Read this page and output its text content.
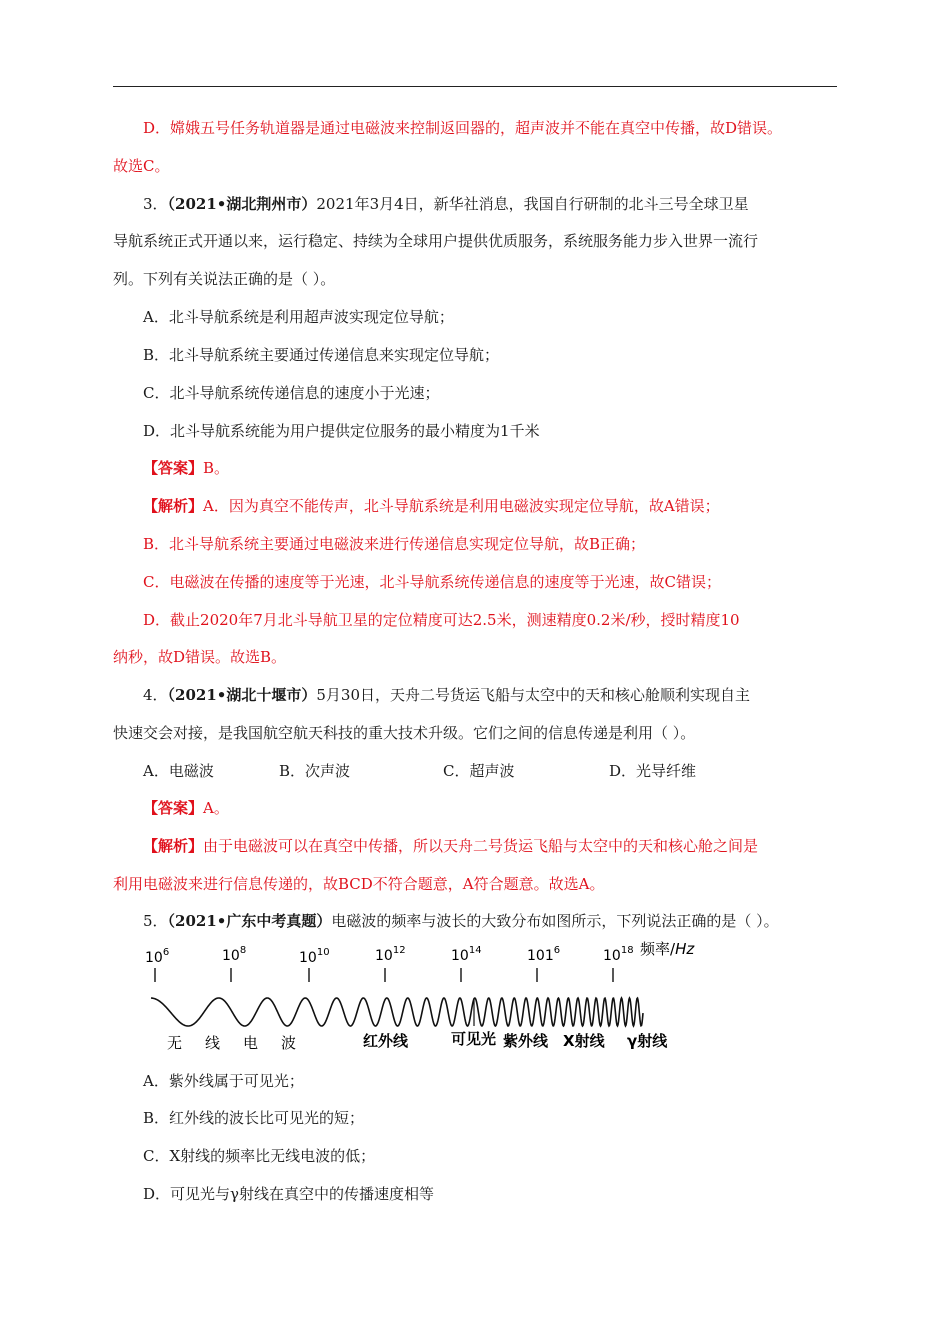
D．嫦娥五号任务轨道器是通过电磁波来控制返回器的，超声波并不能在真空中传播，故D错误。
故选C。
3．（2021•湖北荆州市）2021年3月4日，新华社消息，我国自行研制的北斗三号全球卫星
导航系统正式开通以来，运行稳定、持续为全球用户提供优质服务，系统服务能力步入世界一流行
列。下列有关说法正确的是（ ）。
A．北斗导航系统是利用超声波实现定位导航；
B．北斗导航系统主要通过传递信息来实现定位导航；
C．北斗导航系统传递信息的速度小于光速；
D．北斗导航系统能为用户提供定位服务的最小精度为1千米
【答案】B。
【解析】A．因为真空不能传声，北斗导航系统是利用电磁波实现定位导航，故A错误；
B．北斗导航系统主要通过电磁波来进行传递信息实现定位导航，故B正确；
C．电磁波在传播的速度等于光速，北斗导航系统传递信息的速度等于光速，故C错误；
D．截止2020年7月北斗导航卫星的定位精度可达2.5米，测速精度0.2米/秒，授时精度10
纳秒，故D错误。故选B。
4．（2021•湖北十堰市）5月30日，天舟二号货运飞船与太空中的天和核心舱顺利实现自主
快速交会对接，是我国航空航天科技的重大技术升级。它们之间的信息传递是利用（ ）。
A．电磁波	B．次声波	C．超声波	D．光导纤维
【答案】A。
【解析】由于电磁波可以在真空中传播，所以天舟二号货运飞船与太空中的天和核心舱之间是
利用电磁波来进行信息传递的，故BCD不符合题意，A符合题意。故选A。
5．（2021•广东中考真题）电磁波的频率与波长的大致分布如图所示，下列说法正确的是（ ）。
A．紫外线属于可见光；
B．红外线的波长比可见光的短；
C．X射线的频率比无线电波的低；
D．可见光与γ射线在真空中的传播速度相等
$10^6$	$10^8$	$10^{10}$	$10^{12}$	$10^{14}$	$101^6$	$10^{18}$ 频率/Hz
无　线　电　波	红外线	可见光 紫外线 X射线 γ射线
